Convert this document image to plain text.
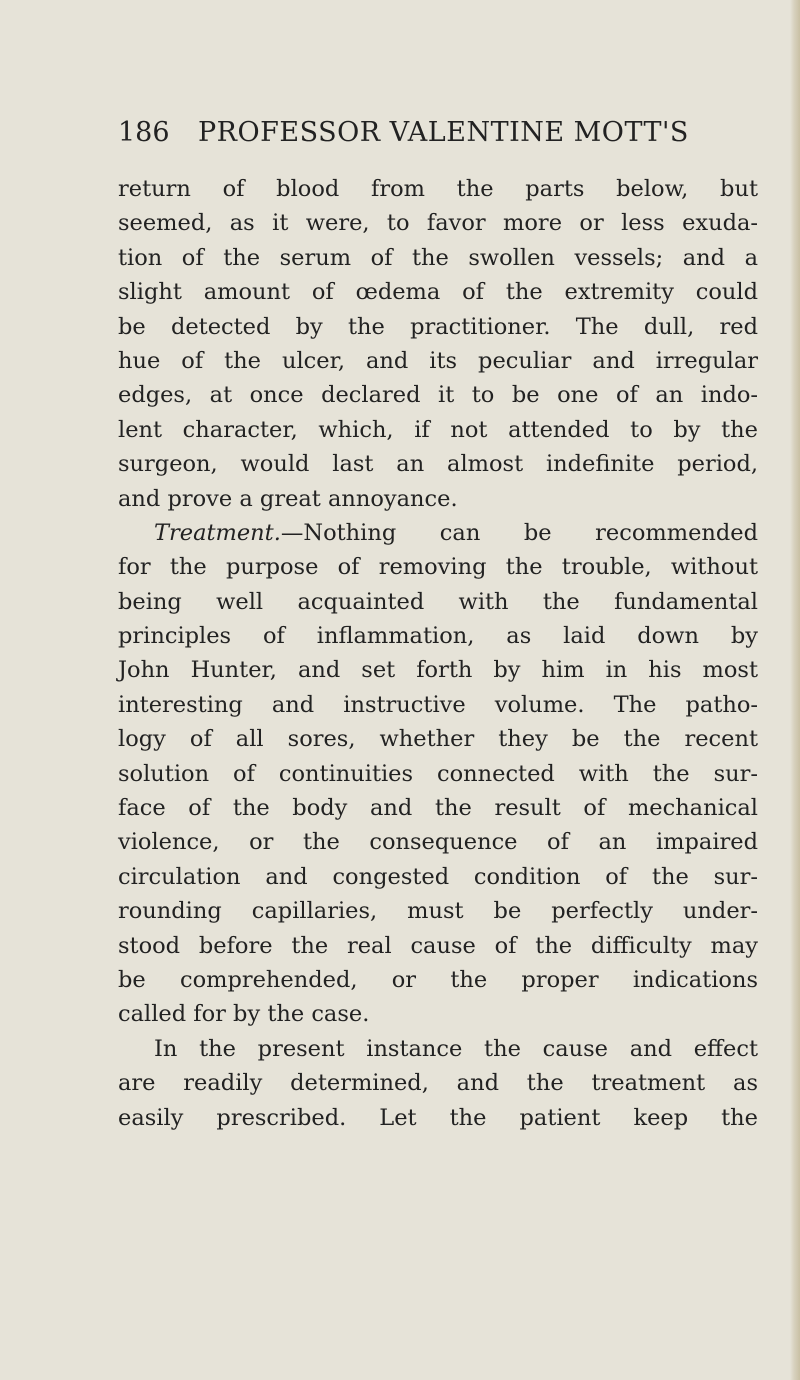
186 PROFESSOR VALENTINE MOTT'S
return of blood from the parts below, but
seemed, as it were, to favor more or less exuda-
tion of the serum of the swollen vessels; and a
slight amount of œdema of the extremity could
be detected by the practitioner. The dull, red
hue of the ulcer, and its peculiar and irregular
edges, at once declared it to be one of an indo-
lent character, which, if not attended to by the
surgeon, would last an almost indefinite period,
and prove a great annoyance.
Treatment.—Nothing can be recommended
for the purpose of removing the trouble, without
being well acquainted with the fundamental
principles of inflammation, as laid down by
John Hunter, and set forth by him in his most
interesting and instructive volume. The patho-
logy of all sores, whether they be the recent
solution of continuities connected with the sur-
face of the body and the result of mechanical
violence, or the consequence of an impaired
circulation and congested condition of the sur-
rounding capillaries, must be perfectly under-
stood before the real cause of the difficulty may
be comprehended, or the proper indications
called for by the case.
In the present instance the cause and effect
are readily determined, and the treatment as
easily prescribed. Let the patient keep the
